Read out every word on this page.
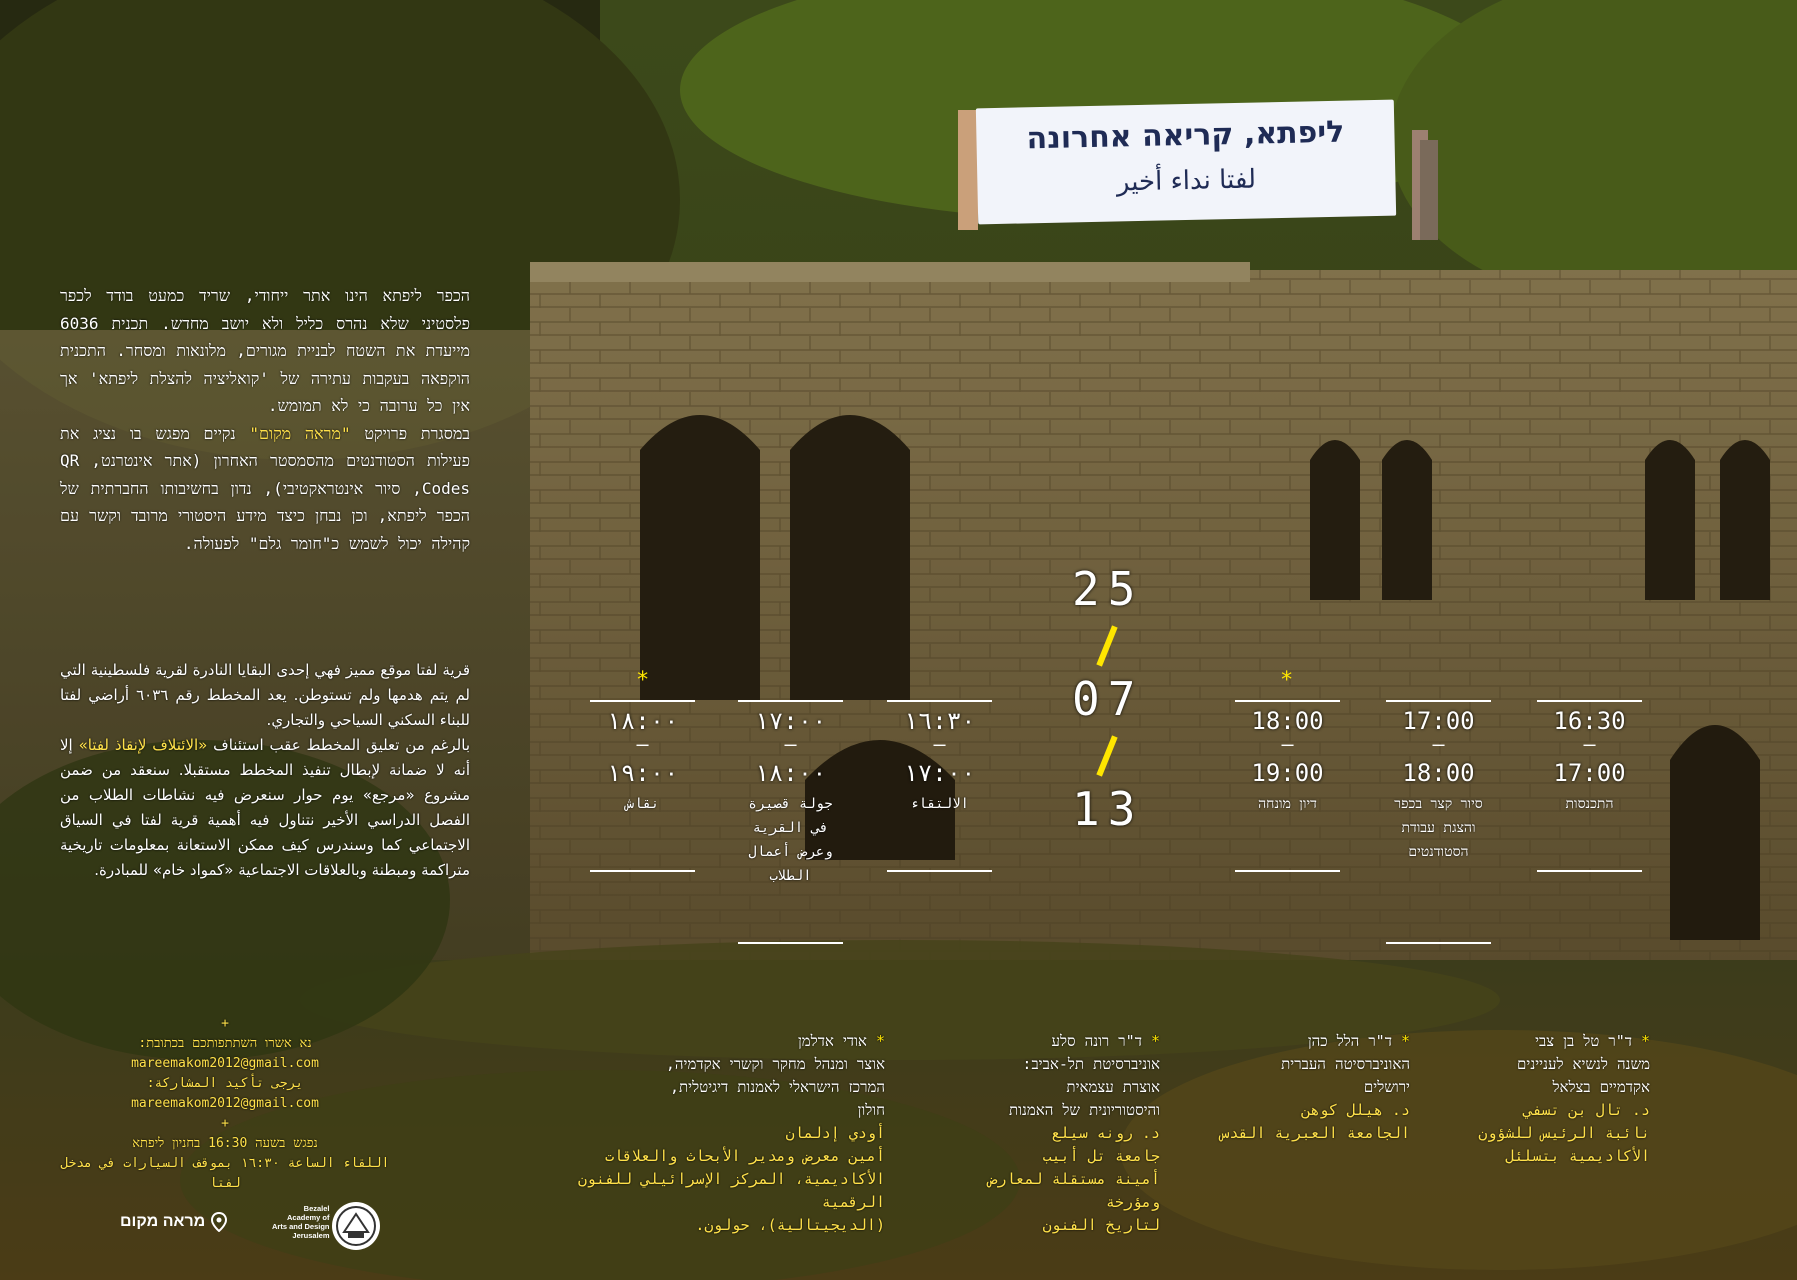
ליפתא, קריאה אחרונה
لفتا نداء أخير
הכפר ליפתא הינו אתר ייחודי, שריד כמעט בודד לכפר פלסטיני שלא נהרס כליל ולא יושב מחדש. תכנית 6036 מייעדת את השטח לבניית מגורים, מלונאות ומסחר. התכנית הוקפאה בעקבות עתירה של 'קואליציה להצלת ליפתא' אך אין כל ערובה כי לא תמומש.
במסגרת פרויקט "מראה מקום" נקיים מפגש בו נציג את פעילות הסטודנטים מהסמסטר האחרון (אתר אינטרנט, QR Codes, סיור אינטראקטיבי), נדון בחשיבותו החברתית של הכפר ליפתא, וכן נבחן כיצד מידע היסטורי מרובד וקשר עם קהילה יכול לשמש כ"חומר גלם" לפעולה.
قرية لفتا موقع مميز فهي إحدى البقايا النادرة لقرية فلسطينية التي لم يتم هدمها ولم تستوطن. يعد المخطط رقم ٦٠٣٦ أراضي لفتا للبناء السكني السياحي والتجاري.
بالرغم من تعليق المخطط عقب استئناف «الائتلاف لإنقاذ لفتا» إلا أنه لا ضمانة لإبطال تنفيذ المخطط مستقبلا. سنعقد من ضمن مشروع «مرجع» يوم حوار سنعرض فيه نشاطات الطلاب من الفصل الدراسي الأخير نتناول فيه أهمية قرية لفتا في السياق الاجتماعي كما وسندرس كيف ممكن الاستعانة بمعلومات تاريخية متراكمة ومبطنة وبالعلاقات الاجتماعية «كمواد خام» للمبادرة.
+
נא אשרו השתתפותכם בכתובת:
mareemakom2012@gmail.com
يرجى تأكيد المشاركة:
mareemakom2012@gmail.com
+
נפגש בשעה 16:30 בחניון ליפתא
اللقاء الساعة ١٦:٣٠ بموقف السيارات في مدخل لفتا
25
07
13
16:30
–
17:00
התכנסות
17:00
–
18:00
סיור קצר בכפר והצגת עבודת הסטודנטים
18:00
–
19:00
דיון מונחה
*
١٦:٣٠
–
١٧:٠٠
الالتقاء
١٧:٠٠
–
١٨:٠٠
جولة قصيرة في القرية وعرض أعمال الطلاب
١٨:٠٠
–
١٩:٠٠
نقاش
*
* ד"ר טל בן צבי
משנה לנשיא לעניינים
אקדמיים בצלאל
د. تال بن تسفي
نائبة الرئيس للشؤون
الأكاديمية بتسلئل
* ד"ר הלל כהן
האוניברסיטה העברית
ירושלים
د. هيلل كوهن
الجامعة العبرية القدس
* ד"ר רונה סלע
אוניברסיטת תל-אביב:
אוצרת עצמאית
והיסטוריונית של האמנות
د. رونه سيلع
جامعة تل أبيب
أمينة مستقلة لمعارض ومؤرخة
لتاريخ الفنون
* אודי אדלמן
אוצר ומנהל מחקר וקשרי אקדמיה,
המרכז הישראלי לאמנות דיגיטלית,
חולון
أودي إدلمان
أمين معرض ومدير الأبحاث والعلاقات
الأكاديمية، المركز الإسرائيلي للفنون الرقمية
(الديجيتالية)، حولون.
מראה מקום
Bezalel
Academy of
Arts and Design
Jerusalem
